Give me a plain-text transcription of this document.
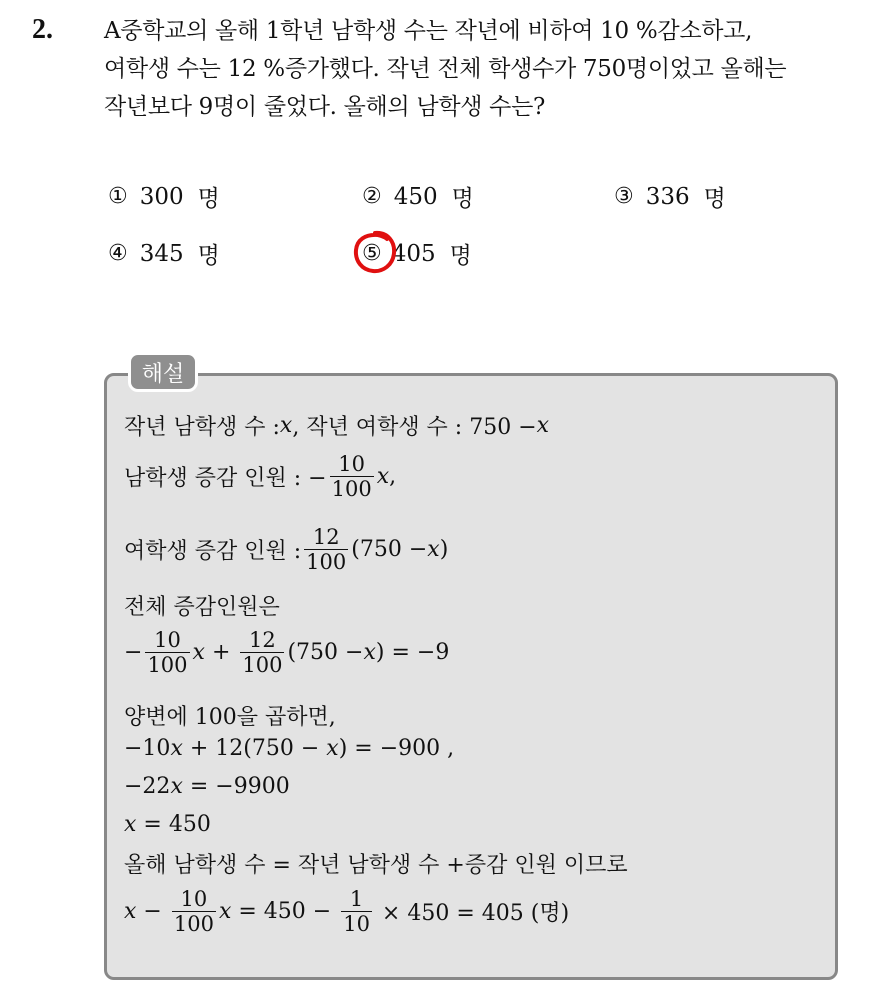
2. A중학교의 올해 1학년 남학생 수는 작년에 비하여 10 %감소하고,
여학생 수는 12 %증가했다. 작년 전체 학생수가 750명이었고 올해는
작년보다 9명이 줄었다. 올해의 남학생 수는?
① 300 명	② 450 명	③ 336 명
④ 345 명	⑤ 405 명
해설
작년 남학생 수 : x , 작년 여학생 수 : 750 − x
남학생 증감 인원 : − $\frac{10}{100}$ x ,
여학생 증감 인원 : $\frac{12}{100} (750 - x$ )
전체 증감인원은
− $\frac{10}{100}$ $x + \frac{12}{100} (750 - x$ ) = −9
양변에 100을 곱하면,
−10 x + 12(750 − x ) = −900 ,
−22 x = −9900
x = 450
올해 남학생 수 = 작년 남학생 수 +증감 인원 이므로
$x - \frac{10}{100}$ $x = 450 - \frac{1}{10} \times 450 = 405$ (명)
